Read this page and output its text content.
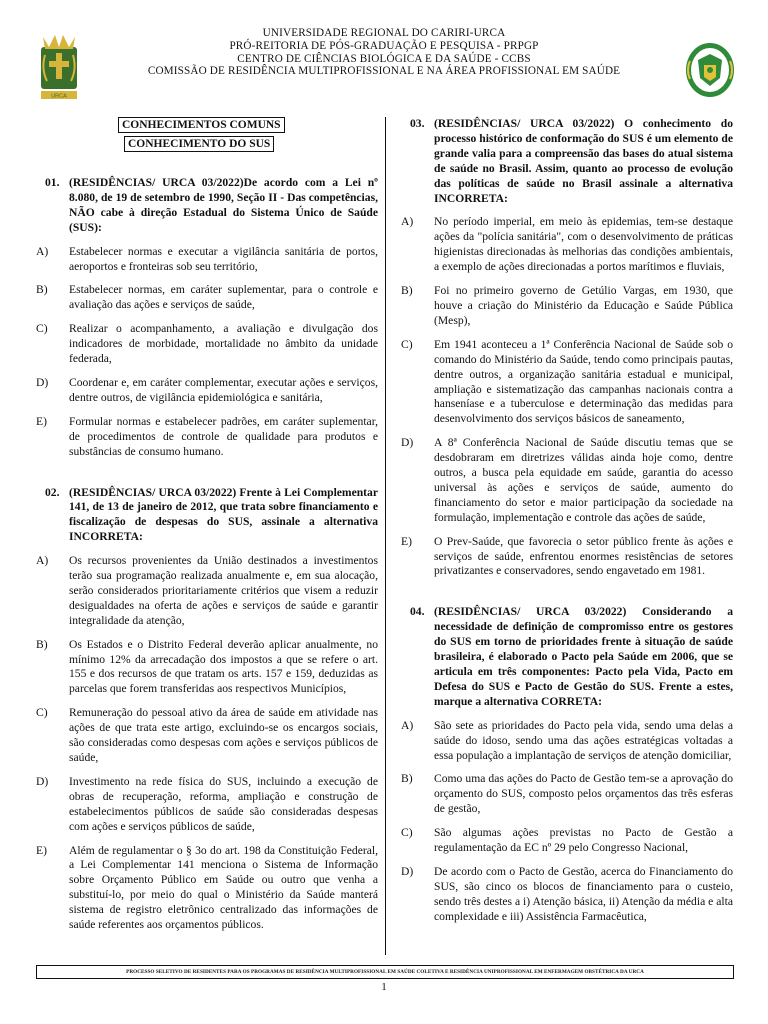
URCA
UNIVERSIDADE REGIONAL DO CARIRI-URCA
PRÓ-REITORIA DE PÓS-GRADUAÇÃO E PESQUISA - PRPGP
CENTRO DE CIÊNCIAS BIOLÓGICA E DA SAÚDE - CCBS
COMISSÃO DE RESIDÊNCIA MULTIPROFISSIONAL E NA ÁREA PROFISSIONAL EM SAÚDE
CONHECIMENTOS COMUNS
CONHECIMENTO DO SUS
01. (RESIDÊNCIAS/ URCA 03/2022)De acordo com a Lei nº 8.080, de 19 de setembro de 1990, Seção II - Das competências, NÃO cabe à direção Estadual do Sistema Único de Saúde (SUS):
A) Estabelecer normas e executar a vigilância sanitária de portos, aeroportos e fronteiras sob seu território,
B) Estabelecer normas, em caráter suplementar, para o controle e avaliação das ações e serviços de saúde,
C) Realizar o acompanhamento, a avaliação e divulgação dos indicadores de morbidade, mortalidade no âmbito da unidade federada,
D) Coordenar e, em caráter complementar, executar ações e serviços, dentre outros, de vigilância epidemiológica e sanitária,
E) Formular normas e estabelecer padrões, em caráter suplementar, de procedimentos de controle de qualidade para produtos e substâncias de consumo humano.
02. (RESIDÊNCIAS/ URCA 03/2022) Frente à Lei Complementar 141, de 13 de janeiro de 2012, que trata sobre financiamento e fiscalização de despesas do SUS, assinale a alternativa INCORRETA:
A) Os recursos provenientes da União destinados a investimentos terão sua programação realizada anualmente e, em sua alocação, serão considerados prioritariamente critérios que visem a reduzir desigualdades na oferta de ações e serviços de saúde e garantir integralidade da atenção,
B) Os Estados e o Distrito Federal deverão aplicar anualmente, no mínimo 12% da arrecadação dos impostos a que se refere o art. 155 e dos recursos de que tratam os arts. 157 e 159, deduzidas as parcelas que forem transferidas aos respectivos Municípios,
C) Remuneração do pessoal ativo da área de saúde em atividade nas ações de que trata este artigo, excluindo-se os encargos sociais, são consideradas como despesas com ações e serviços públicos de saúde,
D) Investimento na rede física do SUS, incluindo a execução de obras de recuperação, reforma, ampliação e construção de estabelecimentos públicos de saúde são consideradas despesas com ações e serviços públicos de saúde,
E) Além de regulamentar o § 3o do art. 198 da Constituição Federal, a Lei Complementar 141 menciona o Sistema de Informação sobre Orçamento Público em Saúde ou outro que venha a substituí-lo, por meio do qual o Ministério da Saúde manterá sistema de registro eletrônico centralizado das informações de saúde referentes aos orçamentos públicos.
03. (RESIDÊNCIAS/ URCA 03/2022) O conhecimento do processo histórico de conformação do SUS é um elemento de grande valia para a compreensão das bases do atual sistema de saúde no Brasil. Assim, quanto ao processo de evolução das políticas de saúde no Brasil assinale a alternativa INCORRETA:
A) No período imperial, em meio às epidemias, tem-se destaque ações da "polícia sanitária", com o desenvolvimento de práticas higienistas direcionadas às melhorias das condições ambientais, a exemplo de ações direcionadas a portos marítimos e fluviais,
B) Foi no primeiro governo de Getúlio Vargas, em 1930, que houve a criação do Ministério da Educação e Saúde Pública (Mesp),
C) Em 1941 aconteceu a 1ª Conferência Nacional de Saúde sob o comando do Ministério da Saúde, tendo como principais pautas, dentre outros, a organização sanitária estadual e municipal, ampliação e sistematização das campanhas nacionais contra a hanseníase e a tuberculose e determinação das medidas para desenvolvimento dos serviços básicos de saneamento,
D) A 8ª Conferência Nacional de Saúde discutiu temas que se desdobraram em diretrizes válidas ainda hoje como, dentre outros, a busca pela equidade em saúde, garantia do acesso universal às ações e serviços de saúde, aumento do financiamento do setor e maior participação da sociedade na formulação, implementação e controle das ações de saúde,
E) O Prev-Saúde, que favorecia o setor público frente às ações e serviços de saúde, enfrentou enormes resistências de setores privatizantes e conservadores, sendo engavetado em 1981.
04. (RESIDÊNCIAS/ URCA 03/2022) Considerando a necessidade de definição de compromisso entre os gestores do SUS em torno de prioridades frente à situação de saúde brasileira, é elaborado o Pacto pela Saúde em 2006, que se articula em três componentes: Pacto pela Vida, Pacto em Defesa do SUS e Pacto de Gestão do SUS. Frente a estes, marque a alternativa CORRETA:
A) São sete as prioridades do Pacto pela vida, sendo uma delas a saúde do idoso, sendo uma das ações estratégicas voltadas a essa população a implantação de serviços de atenção domiciliar,
B) Como uma das ações do Pacto de Gestão tem-se a aprovação do orçamento do SUS, composto pelos orçamentos das três esferas de gestão,
C) São algumas ações previstas no Pacto de Gestão a regulamentação da EC nº 29 pelo Congresso Nacional,
D) De acordo com o Pacto de Gestão, acerca do Financiamento do SUS, são cinco os blocos de financiamento para o custeio, sendo três destes a i) Atenção básica, ii) Atenção da média e alta complexidade e iii) Assistência Farmacêutica,
PROCESSO SELETIVO DE RESIDENTES PARA OS PROGRAMAS DE RESIDÊNCIA MULTIPROFISSIONAL EM SAÚDE COLETIVA E RESIDÊNCIA UNIPROFISSIONAL EM ENFERMAGEM OBSTÉTRICA DA URCA
1
